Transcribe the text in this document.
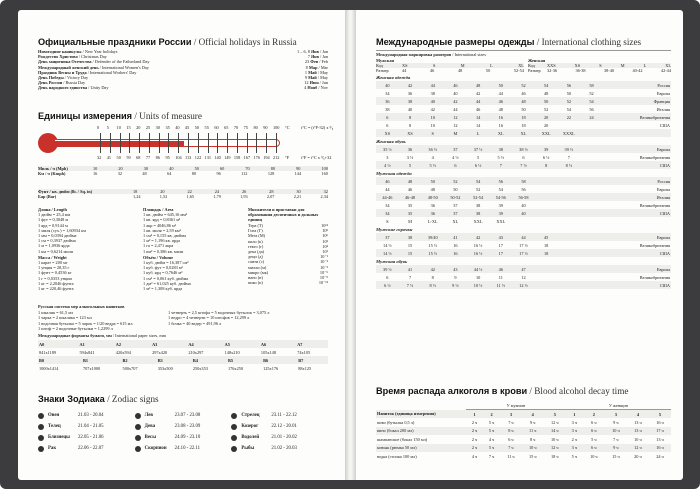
Официальные праздники России / Official holidays in Russia
Новогодние каникулы / New Year holidays	1 – 6, 8 Янв / Jan
Рождество Христово / Christmas Day	7 Янв / Jan
День защитника Отечества / Defender of the Fatherland Day	23 Фев / Feb
Международный женский день / International Women's Day	8 Мар / Mar
Праздник Весны и Труда / International Workers' Day	1 Май / May
День Победы / Victory Day	9 Май / May
День России / Russia Day	12 Июн / Jun
День народного единства / Unity Day	4 Нояб / Nov
Единицы измерения / Units of measure
0 5 10 15 20 25 30 35 40 45 50 55 60 65 70 75 80 90 100
32 41 50 59 68 77 86 95 104 113 122 131 140 149 158 167 176 194 212
°C	t°C = (t°F-32) x ⁵⁄₉
°F	t°F = t°C x ⁹⁄₅+32
Миль / ч (Mph)	10	20	30	40	50	60	70	80	90	100
Км / ч (Kmph)	16	32	48	64	80	96	112	128	144	160
Фунт / кв. дюйм (lb. / Sq. in)	18	20	22	24	26	28	30	32
Бар (Bar)	1,24	1,52	1,65	1,79	1,93	2,07	2,21	2,34
Длина / Length
1 дюйм = 25,4 мм
1 фут = 0,3048 м
1 ярд = 0,9144 м
1 миля (сух.) = 1,60934 км
1 мм = 0,0394 дюйма
1 см = 0,3937 дюйма
1 м = 1,0936 ярда
1 км = 0,6214 мили
Масса / Weight
1 карат = 200 мг
1 унция = 28,35 г
1 фунт = 0,4536 кг
1 г = 0,0353 унции
1 кг = 2,2046 фунта
1 кг = 220,46 фунта
Площадь / Area
1 кв. дюйм = 645,16 мм²
1 кв. ярд = 0,8361 м²
1 акр = 4046,86 м²
1 кв. миля = 2,59 км²
1 см² = 0,155 кв. дюйма
1 м² = 1,196 кв. ярда
1 га = 2,471 акра
1 км² = 0,386 кв. мили
Объём / Volume
1 куб. дюйм = 16,387 см³
1 куб. фут = 0,0283 м³
1 куб. ярд = 0,7646 м³
1 см³ = 0,061 куб. дюйма
1 дм³ = 61,025 куб. дюйма
1 м³ = 1,308 куб. ярда
Множители и приставки для образования десятичных и дольных единиц
Тера (Т)	10¹²
Гига (Г)	10⁹
Мега (М)	10⁶
кило (к)	10³
гекто (г)	10²
дека (да)	10¹
деци (д)	10⁻¹
санти (с)	10⁻²
милли (м)	10⁻³
микро (мк)	10⁻⁶
нано (н)	10⁻⁹
пико (п)	10⁻¹²
Русская система мер алкогольных напитков
1 шкалик = 61,5 мл
1 чарка = 2 шкалика = 123 мл
1 водочная бутылка = 5 чарок = 1/20 ведра = 615 мл
1 штоф = 2 водочные бутылки = 1,2299 л
1 четверть = 2,5 штофа = 5 водочных бутылок = 3,075 л
1 ведро = 4 четверти = 10 штофов = 12,299 л
1 бочка = 40 ведер = 491,96 л
Международные форматы бумаги, мм / International paper sizes, mm
A0	A1	A2	A3	A4	A5	A6	A7
841x1189	594x841	420x594	297x420	210x297	148x210	105x148	74x105
B0	B1	B2	B3	B4	B5	B6	B7
1000x1414	707x1000	500x707	353x500	250x353	176x250	125x176	88x125
Знаки Зодиака / Zodiac signs
Овен	21.03 - 20.04	Лев	23.07 - 23.08	Стрелец	23.11 - 22.12
Телец	21.04 - 21.05	Дева	23.08 - 23.09	Козерог	22.12 - 20.01
Близнецы	22.05 - 21.06	Весы	24.09 - 23.10	Водолей	21.01 - 20.02
Рак	22.06 - 22.07	Скорпион	24.10 - 22.11	Рыбы	21.02 - 20.03
Международные размеры одежды / International clothing sizes
Международная маркировка размеров / International sizes
Мужская
Код	XS	S	M	L	XL
Размер	44	46	48	50	52-54
Женская
Код	XXS	XS	S	M	L	XL
Размер	32-36	36-38	38-40	40-42	42-44
Женская одежда
40	42	44	46	48	50	52	54	56	58	Россия
34	36	38	40	42	44	46	48	50	52	Европа
36	38	40	42	44	46	48	50	52	54	Франция
38	40	42	44	46	48	50	52	54	56	Италия
6	8	10	12	14	16	18	20	22	24	Великобритания
6	8	10	12	14	16	18	20			США
XS	XS	S	M	L	XL	XL	XXL	XXXL		
Женская обувь
35 ½	36	36 ½	37	37 ½	38	38 ½	39	39 ½		Европа
3	3 ½	4	4 ½	5	5 ½	6	6 ½	7		Великобритания
4 ½	5	5 ½	6	6 ½	7	7 ½	8	8 ½		США
Мужская одежда
46	48	50	52	54	56	58				Россия
44	46	48	50	52	54	56				Европа
44-46	46-48	48-50	50-52	52-54	54-56	56-58				Италия
34	35	36	37	38	39	40				Великобритания
34	35	36	37	38	39	40				США
S	M	L-XL	XL	XXL	XXL					
Мужские сорочки
37	38	39/40	41	42	43	44	45			Европа
14 ½	15	15 ½	16	16 ½	17	17 ½	18			Великобритания
14 ½	15	15 ½	16	16 ½	17	17 ½	18			США
Мужская обувь
39 ½	41	42	43	44 ½	46	47				Европа
6	7	8	9	10	11	12				Великобритания
6 ½	7 ½	8 ½	9 ½	10 ½	11 ½	12 ½				США
Время распада алкоголя в крови / Blood alcohol decay time
	У мужчин					У женщин				
Напиток (единица измерения)	1	2	3	4	5	1	2	3	4	5
пиво (бутылка 0,5 л)	2 ч	5 ч	7 ч	9 ч	12 ч	3 ч	6 ч	9 ч	13 ч	16 ч
вино (бокал 200 мл)	2 ч	5 ч	8 ч	11 ч	14 ч	3 ч	6 ч	10 ч	13 ч	17 ч
шампанское (бокал 150 мл)	2 ч	4 ч	6 ч	8 ч	10 ч	2 ч	5 ч	7 ч	10 ч	13 ч
коньяк (рюмка 50 мл)	2 ч	5 ч	7 ч	10 ч	12 ч	3 ч	6 ч	9 ч	12 ч	16 ч
водка (стопка 100 мл)	4 ч	7 ч	11 ч	15 ч	18 ч	5 ч	10 ч	15 ч	20 ч	24 ч
